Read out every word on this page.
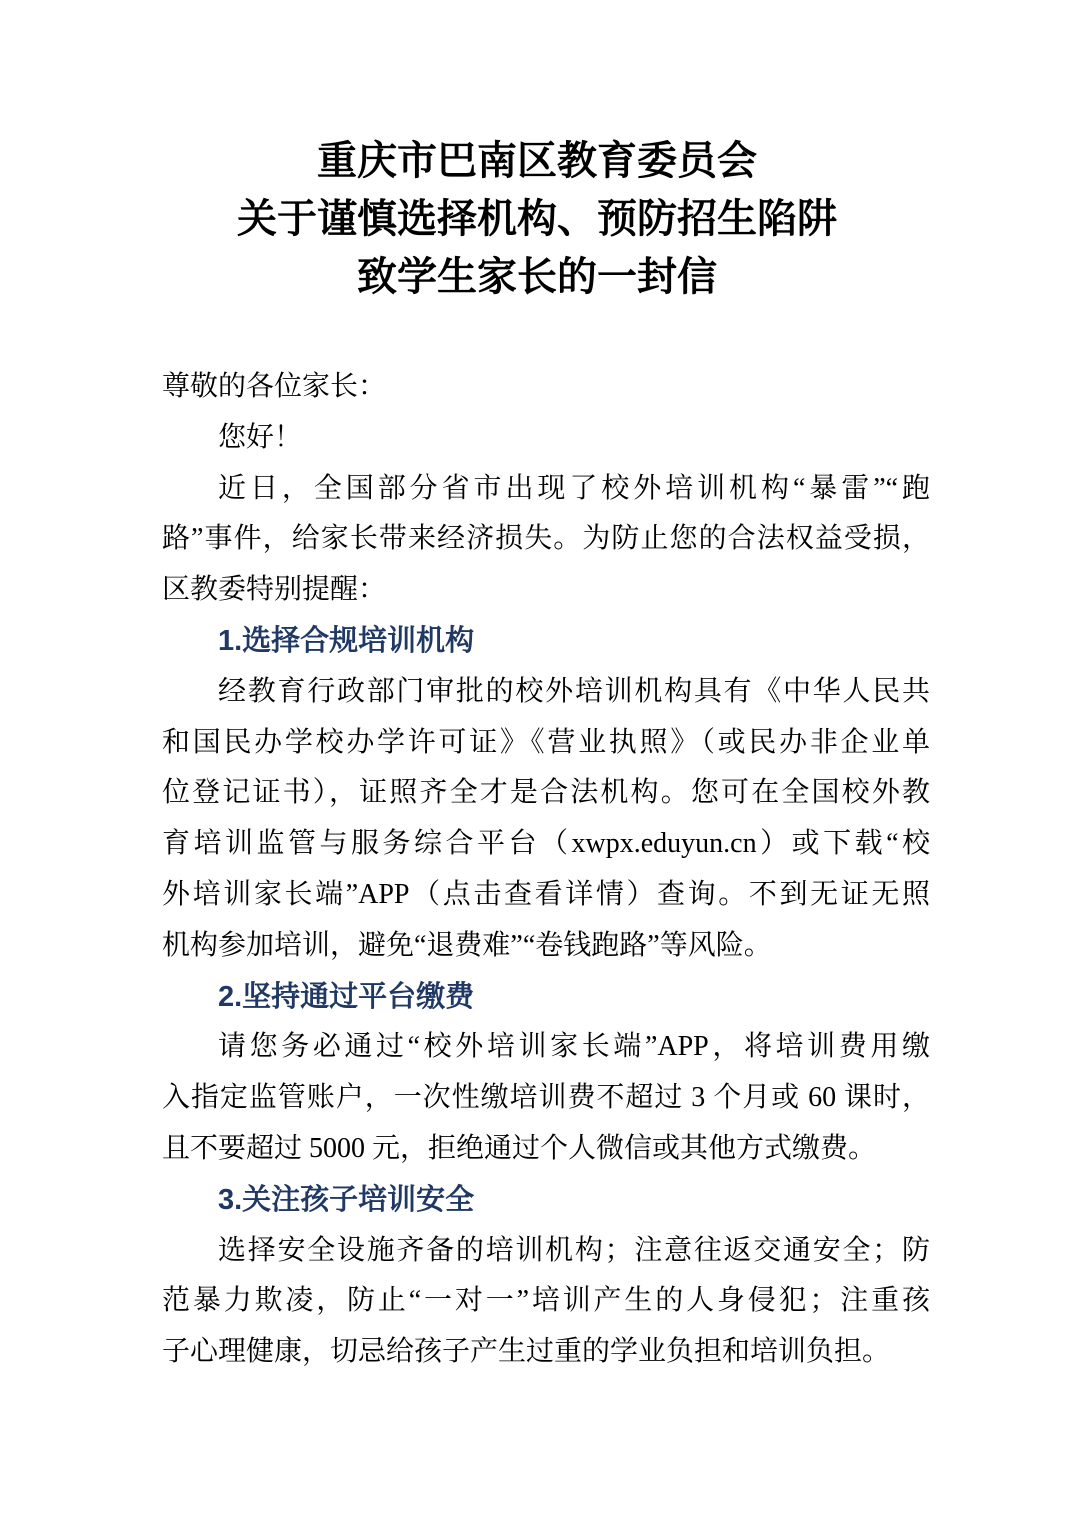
重庆市巴南区教育委员会
关于谨慎选择机构、预防招生陷阱
致学生家长的一封信
尊敬的各位家长：
您好！
近日，全国部分省市出现了校外培训机构“暴雷”“跑
路”事件，给家长带来经济损失。为防止您的合法权益受损，
区教委特别提醒：
1.选择合规培训机构
经教育行政部门审批的校外培训机构具有《中华人民共
和国民办学校办学许可证》《营业执照》（或民办非企业单
位登记证书），证照齐全才是合法机构。您可在全国校外教
育培训监管与服务综合平台（xwpx.eduyun.cn）或下载“校
外培训家长端”APP（点击查看详情）查询。不到无证无照
机构参加培训，避免“退费难”“卷钱跑路”等风险。
2.坚持通过平台缴费
请您务必通过“校外培训家长端”APP，将培训费用缴
入指定监管账户，一次性缴培训费不超过 3 个月或 60 课时，
且不要超过 5000 元，拒绝通过个人微信或其他方式缴费。
3.关注孩子培训安全
选择安全设施齐备的培训机构；注意往返交通安全；防
范暴力欺凌，防止“一对一”培训产生的人身侵犯；注重孩
子心理健康，切忌给孩子产生过重的学业负担和培训负担。
